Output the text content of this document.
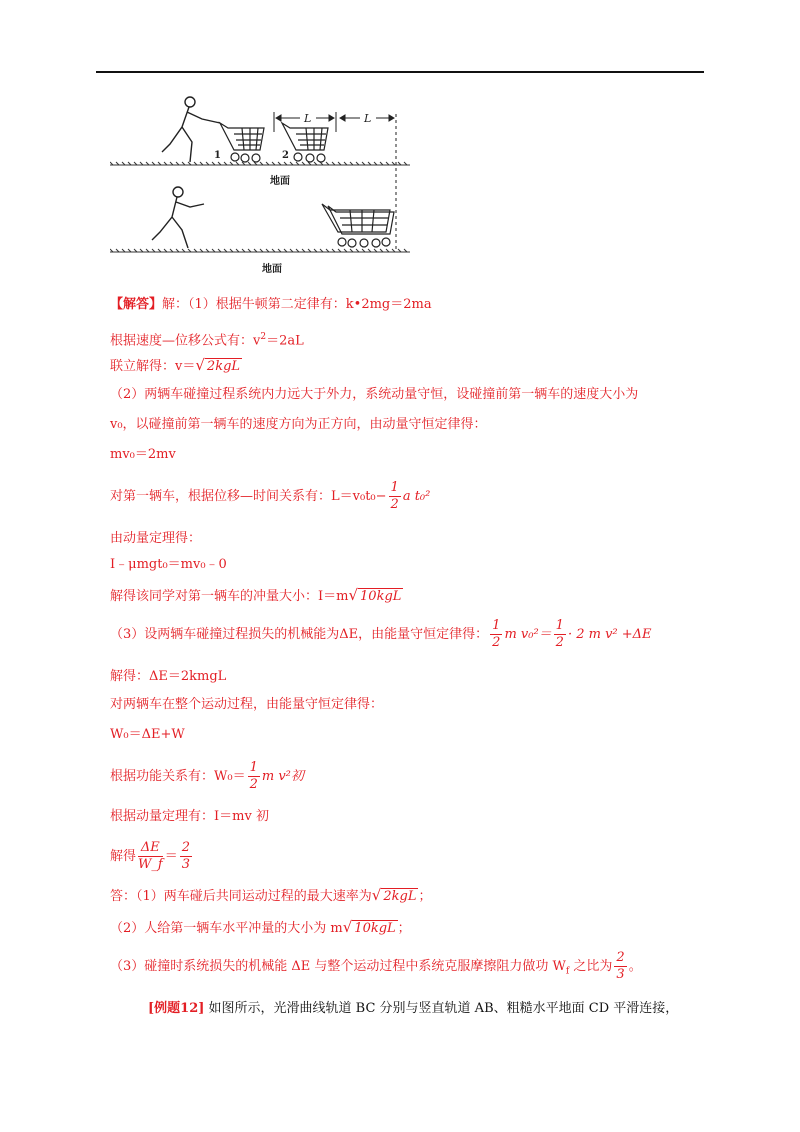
地面
地面
1	2
L	L
【解答】解：（1）根据牛顿第二定律有：k•2mg＝2ma
根据速度—位移公式有：$v^2=2aL$
联立解得：v＝√ 2kgL
（2）两辆车碰撞过程系统内力远大于外力，系统动量守恒，设碰撞前第一辆车的速度大小为
v₀，以碰撞前第一辆车的速度方向为正方向，由动量守恒定律得：
mv₀＝2mv
对第一辆车，根据位移—时间关系有：$L=v_0t_0- \frac{1}{2}$ a t₀²
由动量定理得：
I﹣μmgt₀＝mv₀﹣0
解得该同学对第一辆车的冲量大小：I＝m√ 10kgL
（3）设两辆车碰撞过程损失的机械能为ΔE，由能量守恒定律得： $\frac{1}{2}$ m $v_0^2= \frac{1}{2} \cdot 2$ m v² +ΔE
解得：ΔE＝2kmgL
对两辆车在整个运动过程，由能量守恒定律得：
W₀＝ΔE+W
根据功能关系有：$W_0= \frac{1}{2}$ m v²初
根据动量定理有：I＝mv 初
解得 $\frac{\Delta E}{W\_f} = \frac{2}{3}$
答：（1）两车碰后共同运动过程的最大速率为√ 2kgL ；
（2）人给第一辆车水平冲量的大小为 m√ 10kgL ；
（3）碰撞时系统损失的机械能 ΔE 与整个运动过程中系统克服摩擦阻力做功 $W_f$ 之比为 $\frac{2}{3}$ 。
[例题12] 如图所示，光滑曲线轨道 BC 分别与竖直轨道 AB、粗糙水平地面 CD 平滑连接，
